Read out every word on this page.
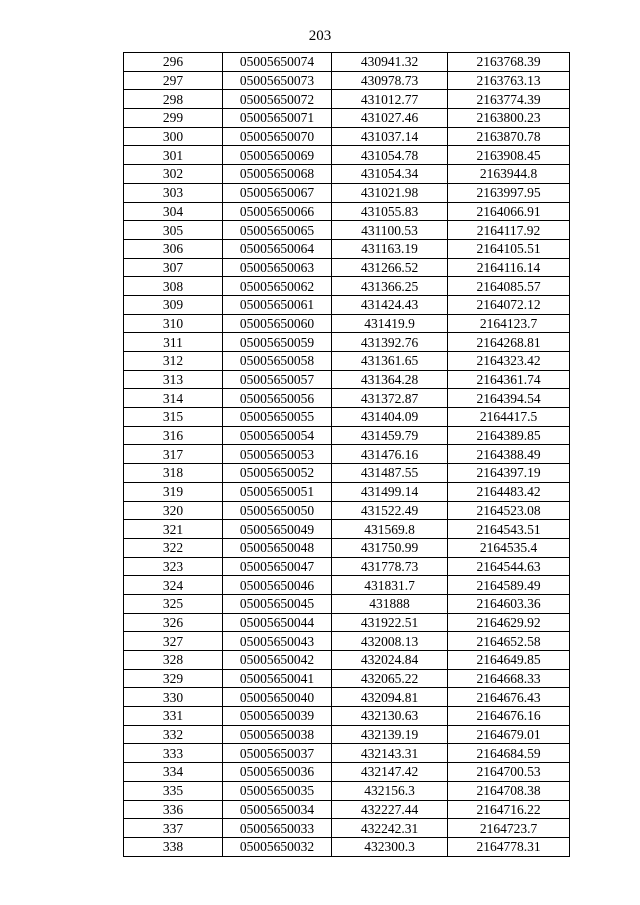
203
296	05005650074	430941.32	2163768.39
297	05005650073	430978.73	2163763.13
298	05005650072	431012.77	2163774.39
299	05005650071	431027.46	2163800.23
300	05005650070	431037.14	2163870.78
301	05005650069	431054.78	2163908.45
302	05005650068	431054.34	2163944.8
303	05005650067	431021.98	2163997.95
304	05005650066	431055.83	2164066.91
305	05005650065	431100.53	2164117.92
306	05005650064	431163.19	2164105.51
307	05005650063	431266.52	2164116.14
308	05005650062	431366.25	2164085.57
309	05005650061	431424.43	2164072.12
310	05005650060	431419.9	2164123.7
311	05005650059	431392.76	2164268.81
312	05005650058	431361.65	2164323.42
313	05005650057	431364.28	2164361.74
314	05005650056	431372.87	2164394.54
315	05005650055	431404.09	2164417.5
316	05005650054	431459.79	2164389.85
317	05005650053	431476.16	2164388.49
318	05005650052	431487.55	2164397.19
319	05005650051	431499.14	2164483.42
320	05005650050	431522.49	2164523.08
321	05005650049	431569.8	2164543.51
322	05005650048	431750.99	2164535.4
323	05005650047	431778.73	2164544.63
324	05005650046	431831.7	2164589.49
325	05005650045	431888	2164603.36
326	05005650044	431922.51	2164629.92
327	05005650043	432008.13	2164652.58
328	05005650042	432024.84	2164649.85
329	05005650041	432065.22	2164668.33
330	05005650040	432094.81	2164676.43
331	05005650039	432130.63	2164676.16
332	05005650038	432139.19	2164679.01
333	05005650037	432143.31	2164684.59
334	05005650036	432147.42	2164700.53
335	05005650035	432156.3	2164708.38
336	05005650034	432227.44	2164716.22
337	05005650033	432242.31	2164723.7
338	05005650032	432300.3	2164778.31
